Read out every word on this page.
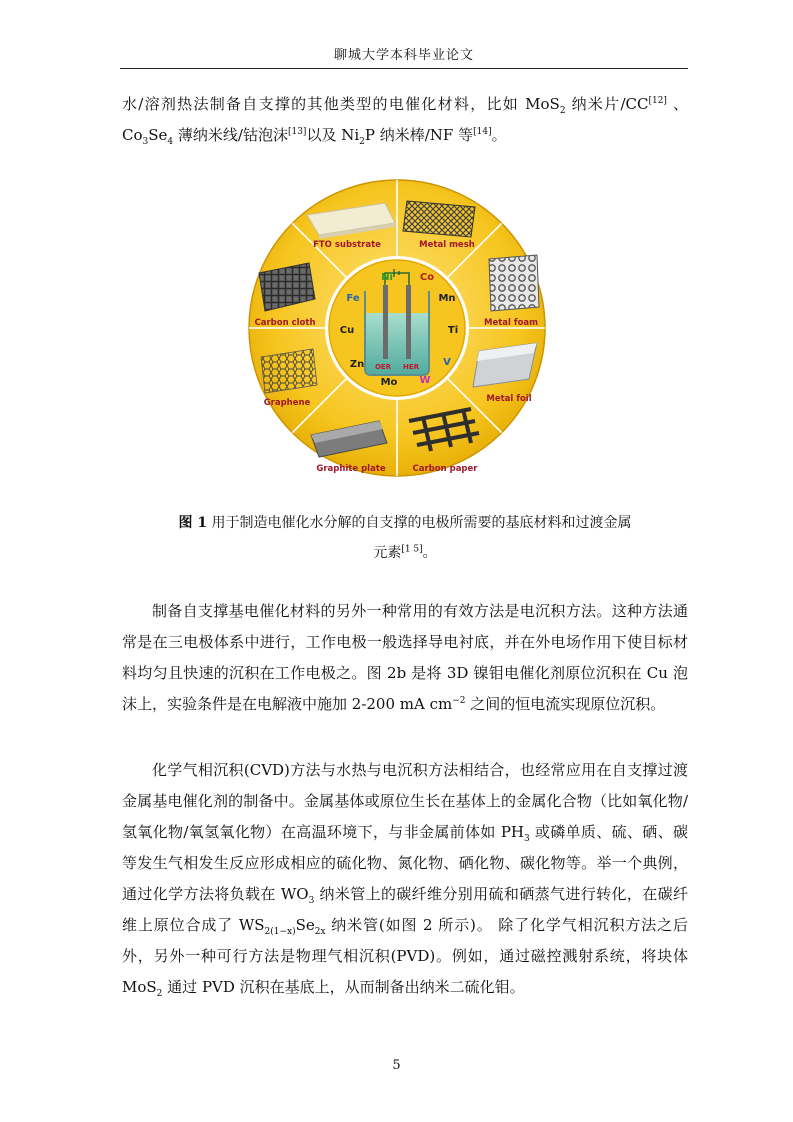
聊城大学本科毕业论文
水/溶剂热法制备自支撑的其他类型的电催化材料，比如 MoS$_2$ 纳米片/CC[12] 、$Co_3Se_4$ 薄纳米线/钴泡沫[13]以及 $Ni_2P$ 纳米棒/NF 等[14]。
FTO substrate	Metal mesh
Metal foam
Metal foil
Carbon paper
Graphite plate
Graphene
Carbon cloth
OER HER
Ni	Co
Mn
Ti
V
W
Mo
Zn
Cu
Fe
图 1 用于制造电催化水分解的自支撑的电极所需要的基底材料和过渡金属
元素[1 5]。
制备自支撑基电催化材料的另外一种常用的有效方法是电沉积方法。这种方法通常是在三电极体系中进行，工作电极一般选择导电衬底，并在外电场作用下使目标材料均匀且快速的沉积在工作电极之。图 2b 是将 3D 镍钼电催化剂原位沉积在 Cu 泡沫上，实验条件是在电解液中施加 2-200 mA $cm^{-2}$ 之间的恒电流实现原位沉积。
化学气相沉积(CVD)方法与水热与电沉积方法相结合，也经常应用在自支撑过渡金属基电催化剂的制备中。金属基体或原位生长在基体上的金属化合物（比如氧化物/氢氧化物/氧氢氧化物）在高温环境下，与非金属前体如 $PH_3$ 或磷单质、硫、硒、碳等发生气相发生反应形成相应的硫化物、氮化物、硒化物、碳化物等。举一个典例，通过化学方法将负载在 $WO_3$ 纳米管上的碳纤维分别用硫和硒蒸气进行转化，在碳纤维上原位合成了 $WS_{2(1-x)}Se_{2x}$ 纳米管(如图 2 所示)。 除了化学气相沉积方法之后外，另外一种可行方法是物理气相沉积(PVD)。例如，通过磁控溅射系统，将块体 MoS$_2$ 通过 PVD 沉积在基底上，从而制备出纳米二硫化钼。
5
